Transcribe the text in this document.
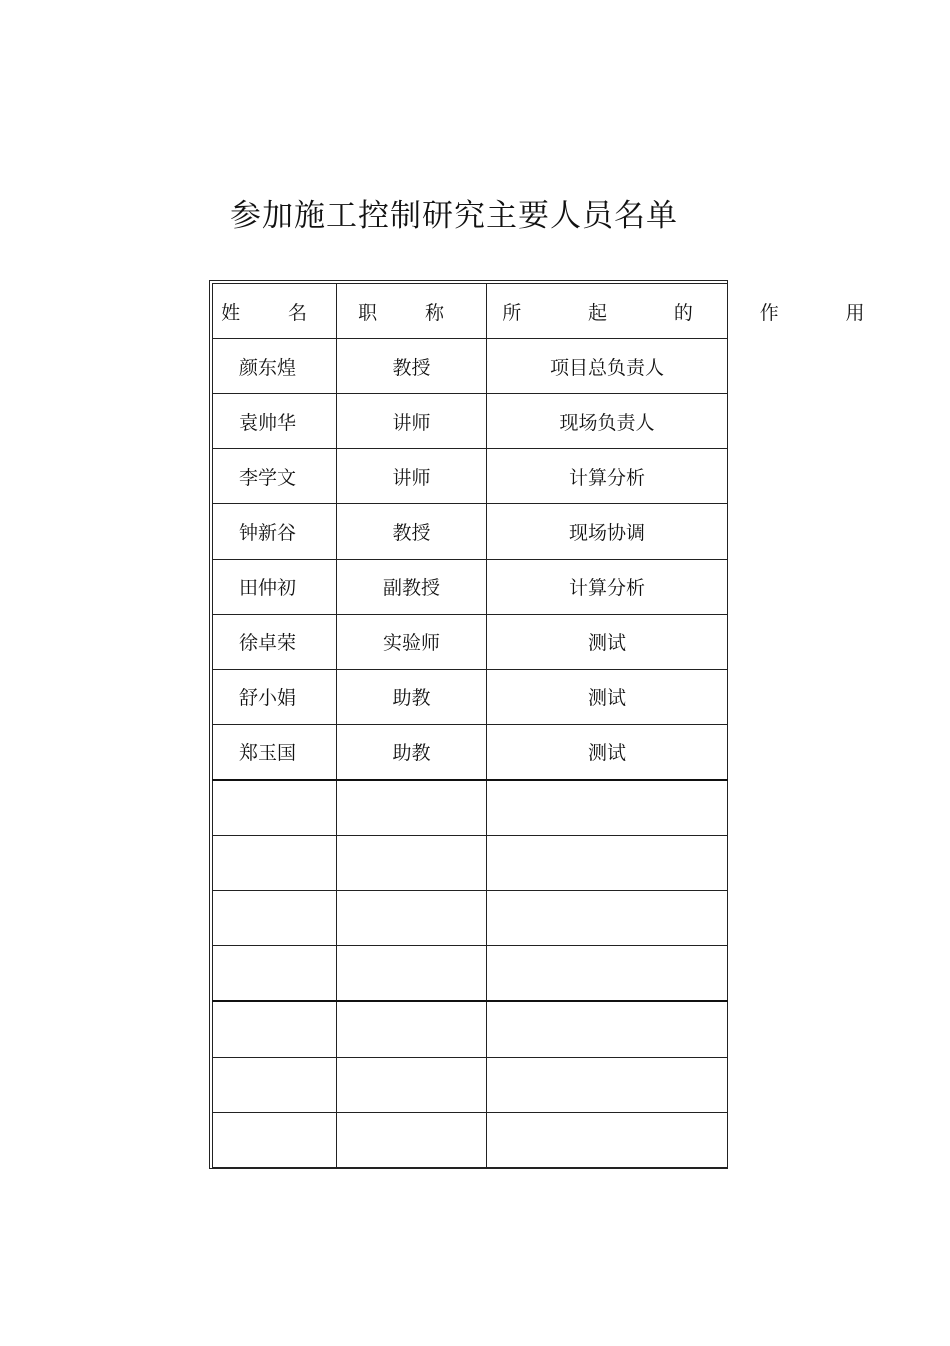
参加施工控制研究主要人员名单
姓 名	职 称	所 起 的 作 用
颜东煌	教授	项目总负责人
袁帅华	讲师	现场负责人
李学文	讲师	计算分析
钟新谷	教授	现场协调
田仲初	副教授	计算分析
徐卓荣	实验师	测试
舒小娟	助教	测试
郑玉国	助教	测试
